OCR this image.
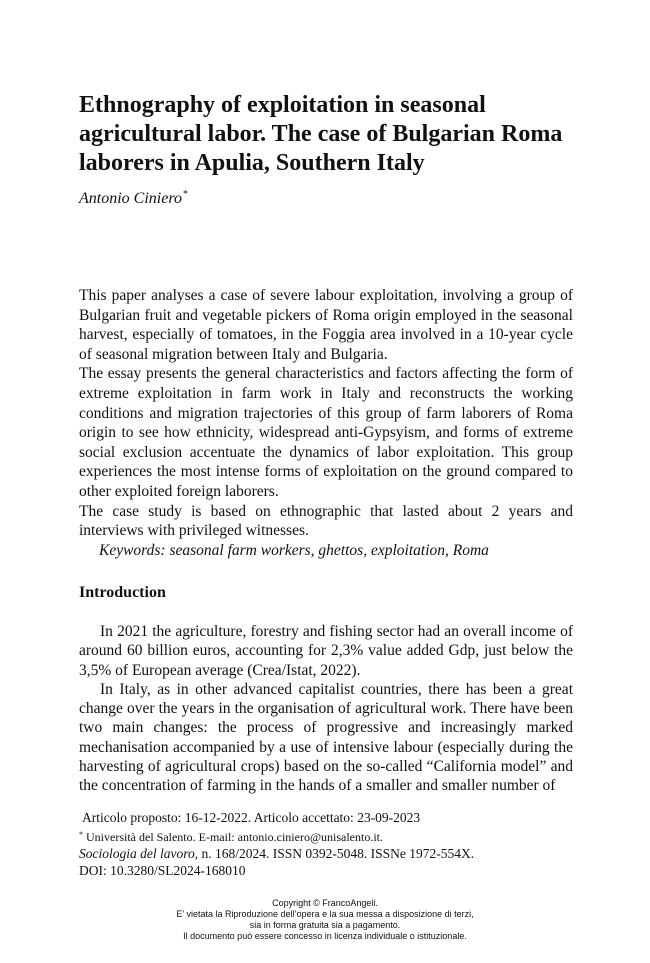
Ethnography of exploitation in seasonal agricultural labor. The case of Bulgarian Roma laborers in Apulia, Southern Italy
Antonio Ciniero*

This paper analyses a case of severe labour exploitation, involving a group of Bulgarian fruit and vegetable pickers of Roma origin employed in the seasonal harvest, especially of tomatoes, in the Foggia area involved in a 10-year cycle of seasonal migration between Italy and Bulgaria.

The essay presents the general characteristics and factors affecting the form of extreme exploitation in farm work in Italy and reconstructs the working conditions and migration trajectories of this group of farm laborers of Roma origin to see how ethnicity, widespread anti-Gypsyism, and forms of extreme social exclusion accentuate the dynamics of labor exploitation. This group experiences the most intense forms of exploitation on the ground compared to other exploited foreign laborers.

The case study is based on ethnographic that lasted about 2 years and interviews with privileged witnesses.

Keywords: seasonal farm workers, ghettos, exploitation, Roma

Introduction

In 2021 the agriculture, forestry and fishing sector had an overall income of around 60 billion euros, accounting for 2,3% value added Gdp, just below the 3,5% of European average (Crea/Istat, 2022).

In Italy, as in other advanced capitalist countries, there has been a great change over the years in the organisation of agricultural work. There have been two main changes: the process of progressive and increasingly marked mechanisation accompanied by a use of intensive labour (especially during the harvesting of agricultural crops) based on the so-called “California model” and the concentration of farming in the hands of a smaller and smaller number of

Articolo proposto: 16-12-2022. Articolo accettato: 23-09-2023
* Università del Salento. E-mail: antonio.ciniero@unisalento.it.
Sociologia del lavoro, n. 168/2024. ISSN 0392-5048. ISSNe 1972-554X.
DOI: 10.3280/SL2024-168010
Copyright © FrancoAngeli.
E’ vietata la Riproduzione dell’opera e la sua messa a disposizione di terzi,
sia in forma gratuita sia a pagamento.
Il documento può essere concesso in licenza individuale o istituzionale.
